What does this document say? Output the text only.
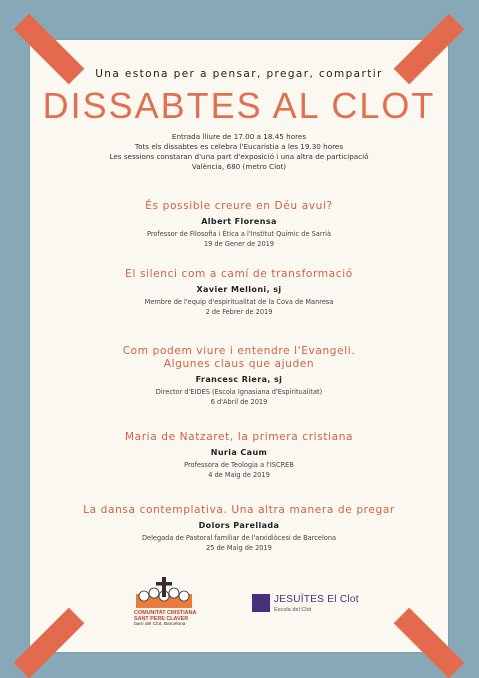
Una estona per a pensar, pregar, compartir
DISSABTES AL CLOT
Entrada lliure de 17.00 a 18.45 hores
Tots els dissabtes es celebra l'Eucaristia a les 19.30 hores
Les sessions constaran d'una part d'exposició i una altra de participació
València, 680 (metro Clot)
És possible creure en Déu avui?
Albert Florensa
Professor de Filosofia i Ètica a l'Institut Químic de Sarrià
19 de Gener de 2019
El silenci com a camí de transformació
Xavier Melloni, sj
Membre de l'equip d'espiritualitat de la Cova de Manresa
2 de Febrer de 2019
Com podem viure i entendre l'Evangeli.
Algunes claus que ajuden
Francesc Riera, sj
Director d'EIDES (Escola Ignasiana d'Espiritualitat)
6 d'Abril de 2019
Maria de Natzaret, la primera cristiana
Nuria Caum
Professora de Teologia a l'ISCREB
4 de Maig de 2019
La dansa contemplativa. Una altra manera de pregar
Dolors Parellada
Delegada de Pastoral familiar de l'arxidiòcesi de Barcelona
25 de Maig de 2019
COMUNITAT CRISTIANA
SANT PERE CLAVER
barri del Clot, Barcelona
JESUÏTES El Clot
Escola del Clot
